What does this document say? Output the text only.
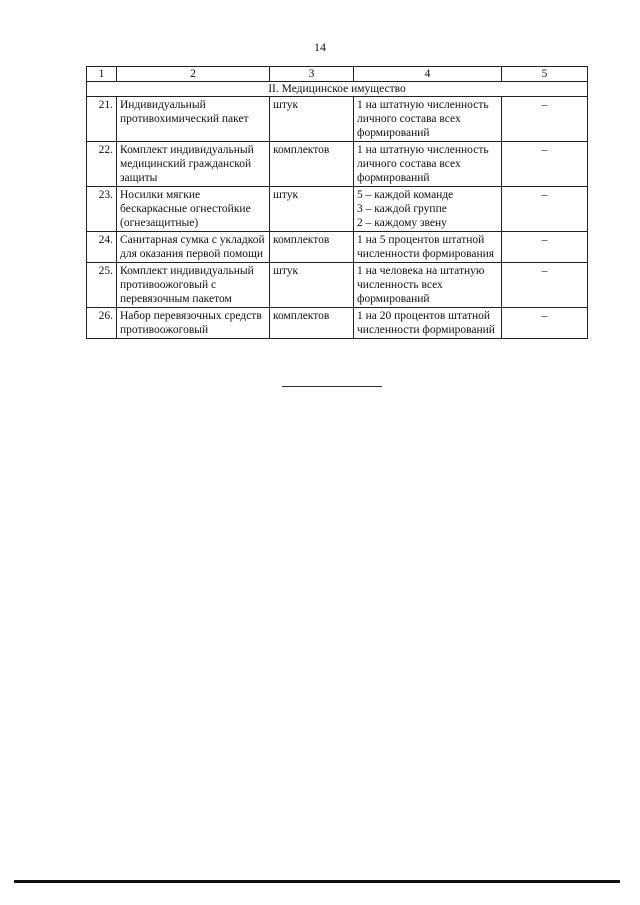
14
1	2	3	4	5
II. Медицинское имущество				
21.	Индивидуальный противохимический пакет	штук	1 на штатную численность личного состава всех формирований	–
22.	Комплект индивидуальный медицинский гражданской защиты	комплектов	1 на штатную численность личного состава всех формирований	–
23.	Носилки мягкие бескаркасные огнестойкие (огнезащитные)	штук	5 – каждой команде
3 – каждой группе
2 – каждому звену	–
24.	Санитарная сумка с укладкой для оказания первой помощи	комплектов	1 на 5 процентов штатной численности формирования	–
25.	Комплект индивидуальный противоожоговый с перевязочным пакетом	штук	1 на человека на штатную численность всех формирований	–
26.	Набор перевязочных средств противоожоговый	комплектов	1 на 20 процентов штатной численности формирований	–
